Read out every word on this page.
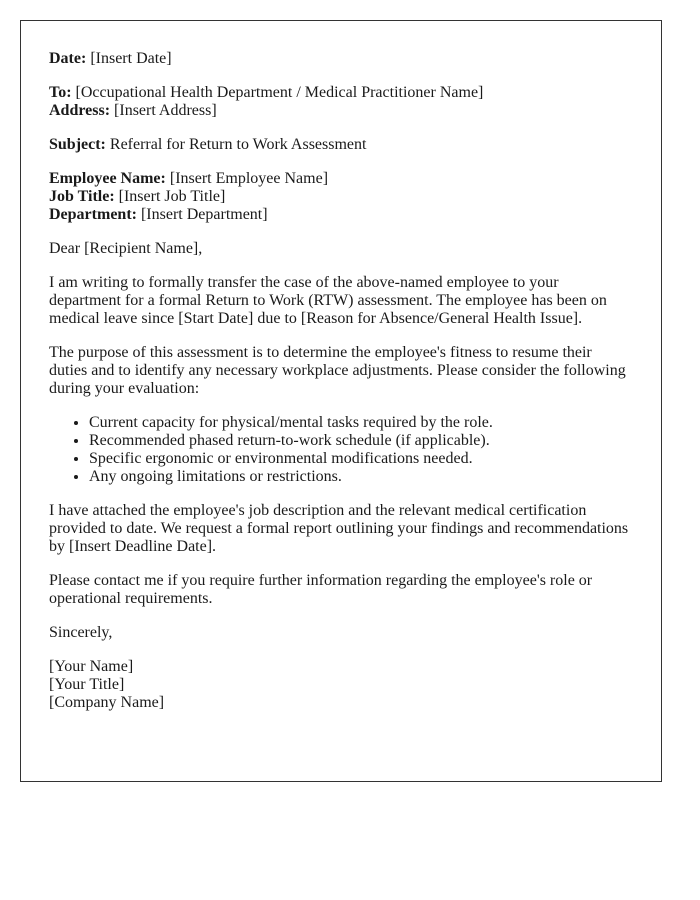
Date: [Insert Date]

To: [Occupational Health Department / Medical Practitioner Name]
Address: [Insert Address]

Subject: Referral for Return to Work Assessment

Employee Name: [Insert Employee Name]
Job Title: [Insert Job Title]
Department: [Insert Department]

Dear [Recipient Name],

I am writing to formally transfer the case of the above-named employee to your department for a formal Return to Work (RTW) assessment. The employee has been on medical leave since [Start Date] due to [Reason for Absence/General Health Issue].

The purpose of this assessment is to determine the employee's fitness to resume their duties and to identify any necessary workplace adjustments. Please consider the following during your evaluation:

• Current capacity for physical/mental tasks required by the role.
• Recommended phased return-to-work schedule (if applicable).
• Specific ergonomic or environmental modifications needed.
• Any ongoing limitations or restrictions.

I have attached the employee's job description and the relevant medical certification provided to date. We request a formal report outlining your findings and recommendations by [Insert Deadline Date].

Please contact me if you require further information regarding the employee's role or operational requirements.

Sincerely,

[Your Name]
[Your Title]
[Company Name]
